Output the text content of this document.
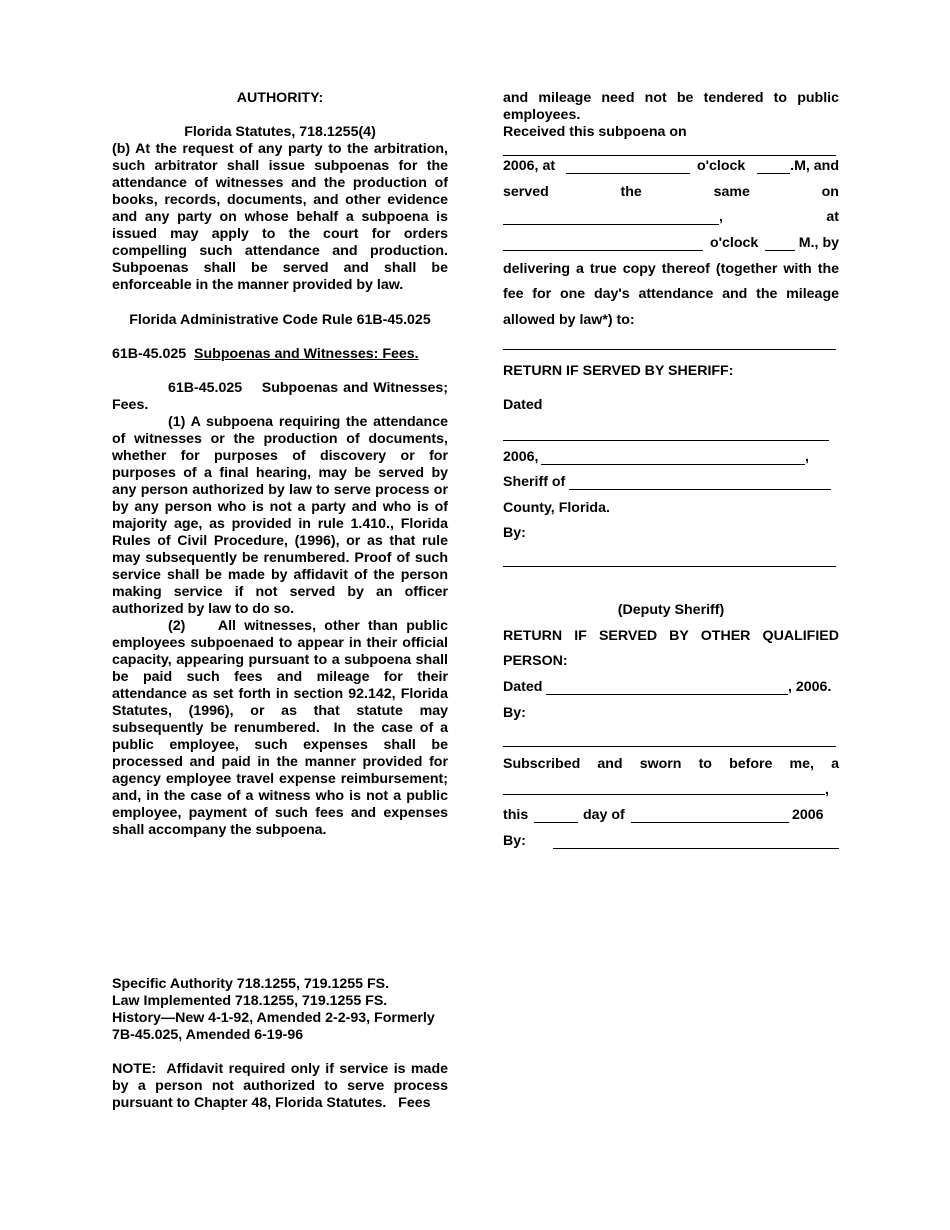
AUTHORITY:

Florida Statutes, 718.1255(4)

(b) At the request of any party to the arbitration, such arbitrator shall issue subpoenas for the attendance of witnesses and the production of books, records, documents, and other evidence and any party on whose behalf a subpoena is issued may apply to the court for orders compelling such attendance and production. Subpoenas shall be served and shall be enforceable in the manner provided by law.

Florida Administrative Code Rule 61B-45.025

61B-45.025 Subpoenas and Witnesses: Fees.

61B-45.025    Subpoenas and Witnesses; Fees.

(1) A subpoena requiring the attendance of witnesses or the production of documents, whether for purposes of discovery or for purposes of a final hearing, may be served by any person authorized by law to serve process or by any person who is not a party and who is of majority age, as provided in rule 1.410., Florida Rules of Civil Procedure, (1996), or as that rule may subsequently be renumbered. Proof of such service shall be made by affidavit of the person making service if not served by an officer authorized by law to do so.

(2)    All witnesses, other than public employees subpoenaed to appear in their official capacity, appearing pursuant to a subpoena shall be paid such fees and mileage for their attendance as set forth in section 92.142, Florida Statutes, (1996), or as that statute may subsequently be renumbered.  In the case of a public employee, such expenses shall be processed and paid in the manner provided for agency employee travel expense reimbursement; and, in the case of a witness who is not a public employee, payment of such fees and expenses shall accompany the subpoena.

Specific Authority 718.1255, 719.1255 FS.

Law Implemented 718.1255, 719.1255 FS.

History—New 4-1-92, Amended 2-2-93, Formerly

7B-45.025, Amended 6-19-96

NOTE:  Affidavit required only if service is made by a person not authorized to serve process pursuant to Chapter 48, Florida Statutes.   Fees

and mileage need not be tendered to public employees.

Received this subpoena on

2006, at	o'clock	.M, and
served	the	same	on
,	at
o'clock	M., by
delivering a true copy thereof (together with the
fee for one day's attendance and the mileage
allowed by law*) to:
RETURN IF SERVED BY SHERIFF:
Dated
2006,	,
Sheriff of
County, Florida.
By:
(Deputy Sheriff)
RETURN IF SERVED BY OTHER QUALIFIED
PERSON:
Dated	, 2006.
By:
Subscribed and sworn to before me, a
,
this	day of	2006
By:
